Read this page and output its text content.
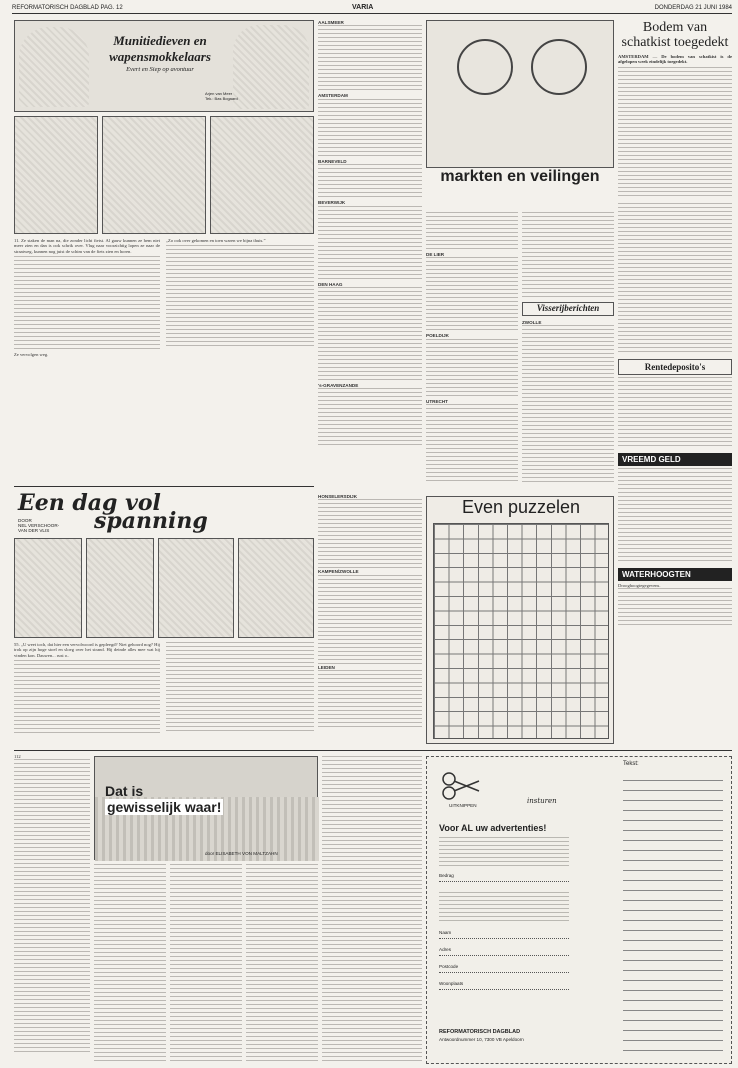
REFORMATORISCH DAGBLAD PAG. 12	VARIA	DONDERDAG 21 JUNI 1984
Munitiedieven en
wapensmokkelaars
Evert en Siep op avontuur
Arjen van Meer
Tek.: Bas Bogaard
11. Ze staken de man na, die zonder licht fietst. Al gauw kunnen ze hem niet meer zien en dan is ook schrik over. Vlug naar voorzichtig lopen ze naar de straatweg, kunnen nog juist de schim van de fiets zien en horen.
Ze vervolgen weg.
„Zo ook over gekomen en toen waren we bijna thuis.”
Een dag vol
spanning
DOOR
NEL VERSCHOOR-
VAN DER VLIS
55. „U weet toch, dat hier een vervolwoord is gepleegd? Niet gehoord nog? Hij trok op zijn hoge stoel en sloeg over het strand. Hij deinde alles mee wat hij vinden kon. Dauwen... rust o..
AALSMEER
AMSTERDAM
BARNEVELD
BEVERWIJK
DEN HAAG
's-GRAVENZANDE
HONSELERSDIJK
KAMPEN/ZWOLLE
LEIDEN
markten en veilingen
DE LIER
POELDIJK
UTRECHT
Visserijberichten
ZWOLLE
Even puzzelen
Bodem van schatkist toegedekt
AMSTERDAM — De bodem van schatkist is de afgelopen week eindelijk toegedekt.
Rentedeposito's
VREEMD GELD
WATERHOOGTEN
Drooghoogtegegevens.
112
Dat is
gewisselijk waar!
door ELISABETH VON MALTZAHN
UITKNIPPEN
insturen
Voor AL uw advertenties!
Bedrag
Naam
Adres
Postcode
Woonplaats
REFORMATORISCH DAGBLAD
Antwoordnummer 10, 7300 VB Apeldoorn
Tekst:
